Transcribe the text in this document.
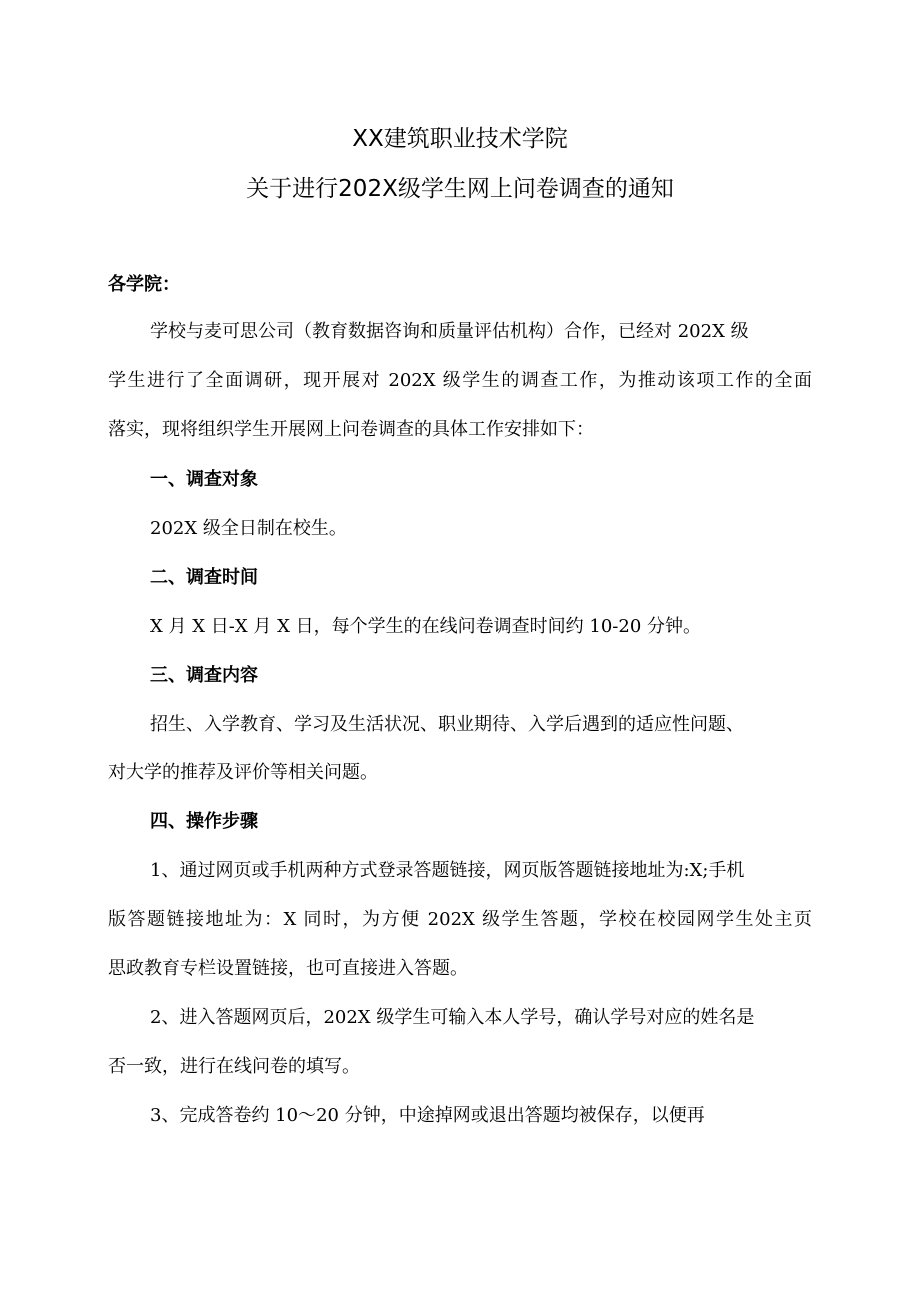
XX建筑职业技术学院
关于进行202X级学生网上问卷调查的通知
各学院：
学校与麦可思公司（教育数据咨询和质量评估机构）合作，已经对 202X 级
学生进行了全面调研，现开展对 202X 级学生的调查工作，为推动该项工作的全面
落实，现将组织学生开展网上问卷调查的具体工作安排如下：
一、调查对象
202X 级全日制在校生。
二、调查时间
X 月 X 日-X 月 X 日，每个学生的在线问卷调查时间约 10-20 分钟。
三、调查内容
招生、入学教育、学习及生活状况、职业期待、入学后遇到的适应性问题、
对大学的推荐及评价等相关问题。
四、操作步骤
1、通过网页或手机两种方式登录答题链接，网页版答题链接地址为:X;手机
版答题链接地址为：X 同时，为方便 202X 级学生答题，学校在校园网学生处主页
思政教育专栏设置链接，也可直接进入答题。
2、进入答题网页后，202X 级学生可输入本人学号，确认学号对应的姓名是
否一致，进行在线问卷的填写。
3、完成答卷约 10～20 分钟，中途掉网或退出答题均被保存，以便再
